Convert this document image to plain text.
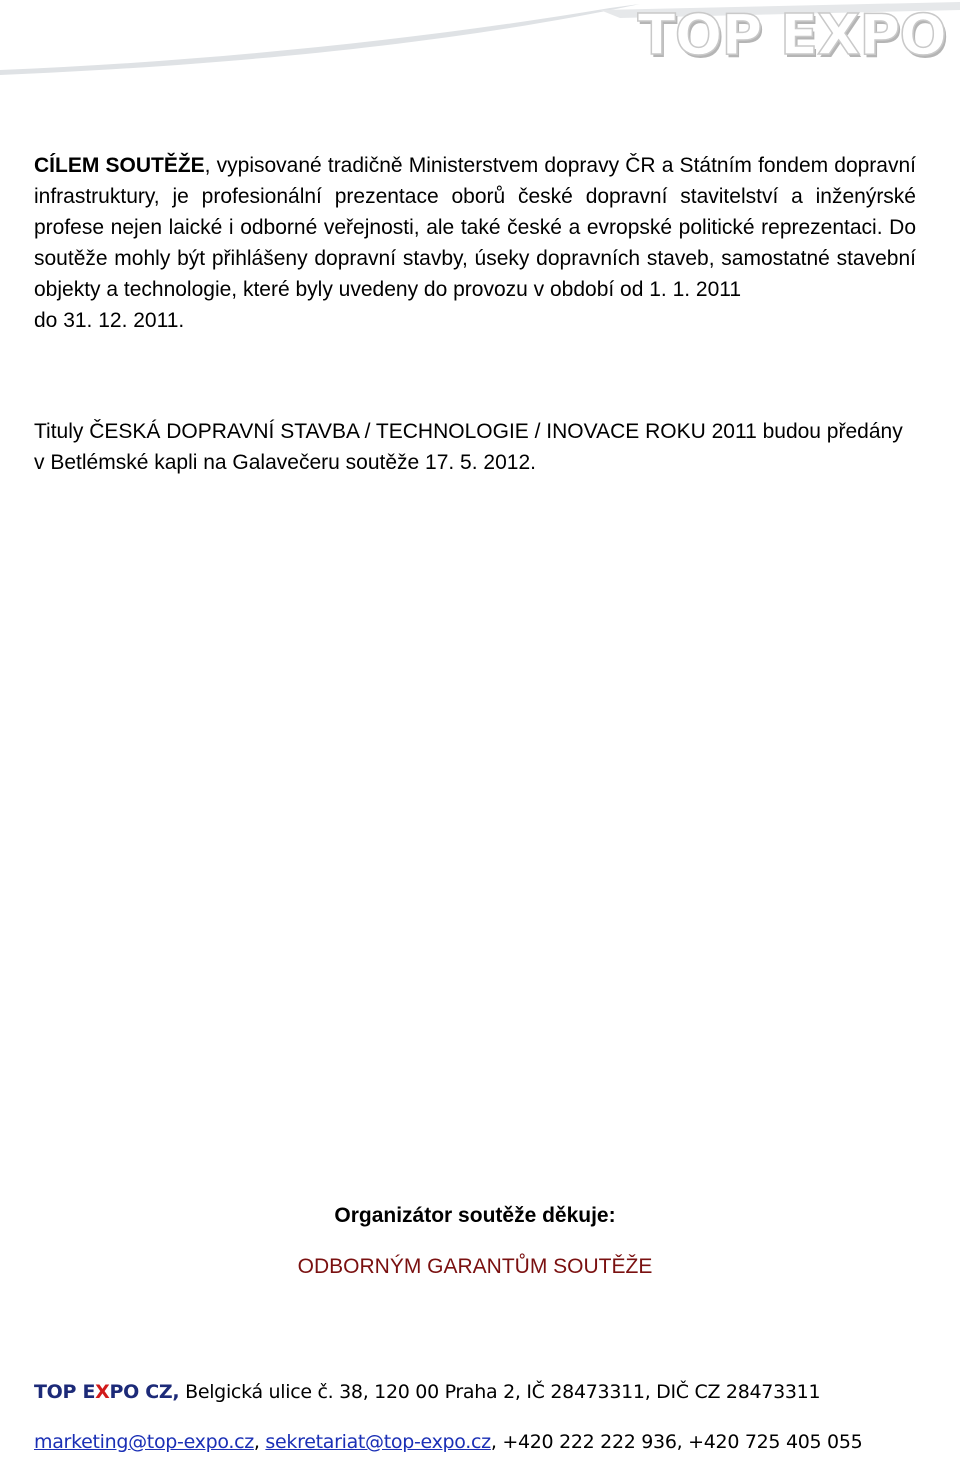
TOP EXPO

CÍLEM SOUTĚŽE, vypisované tradičně Ministerstvem dopravy ČR a Státním fondem dopravní infrastruktury, je profesionální prezentace oborů české dopravní stavitelství a inženýrské profese nejen laické i odborné veřejnosti, ale také české a evropské politické reprezentaci. Do soutěže mohly být přihlášeny dopravní stavby, úseky dopravních staveb, samostatné stavební objekty a technologie, které byly uvedeny do provozu v období od 1. 1. 2011
do 31. 12. 2011.

Tituly ČESKÁ DOPRAVNÍ STAVBA / TECHNOLOGIE / INOVACE ROKU 2011 budou předány v Betlémské kapli na Galavečeru soutěže 17. 5. 2012.

Organizátor soutěže děkuje:
ODBORNÝM GARANTŮM SOUTĚŽE

TOP EXPO CZ, Belgická ulice č. 38, 120 00 Praha 2, IČ 28473311, DIČ CZ 28473311

marketing@top-expo.cz, sekretariat@top-expo.cz, +420 222 222 936, +420 725 405 055
